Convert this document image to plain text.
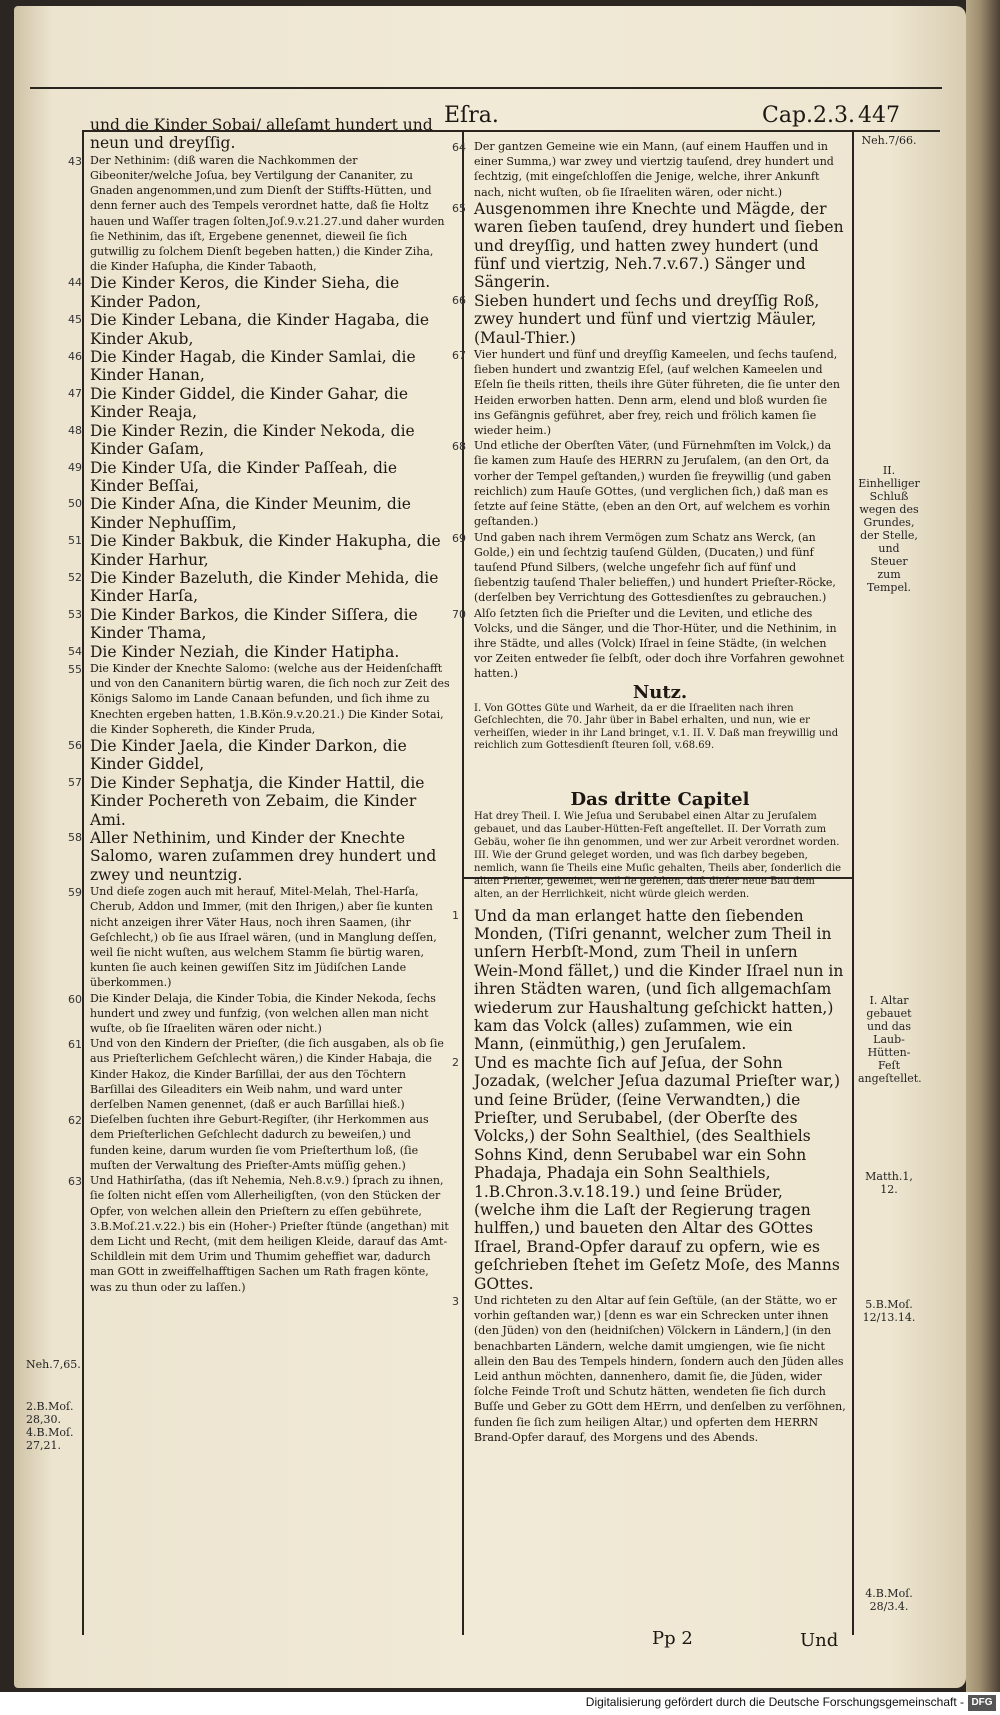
Eſra.	Cap.2.3. 447
43
44
45
46
47
48
49
50
51
52
53
54
55
56
57
58
59
60
61
62
63
Neh.7,65.
2.B.Moſ. 28,30. 4.B.Moſ. 27,21.

und die Kinder Sobai/ alleſamt hundert und neun und dreyſſig.

Der Nethinim: (diß waren die Nachkommen der Gibeoniter/welche Joſua, bey Vertilgung der Cananiter, zu Gnaden angenommen,und zum Dienſt der Stiffts-Hütten, und denn ferner auch des Tempels verordnet hatte, daß ſie Holtz hauen und Waſſer tragen ſolten,Joſ.9.v.21.27.und daher wurden ſie Nethinim, das iſt, Ergebene genennet, dieweil ſie ſich gutwillig zu ſolchem Dienſt begeben hatten,) die Kinder Ziha, die Kinder Haſupha, die Kinder Tabaoth,

Die Kinder Keros, die Kinder Sieha, die Kinder Padon,

Die Kinder Lebana, die Kinder Hagaba, die Kinder Akub,

Die Kinder Hagab, die Kinder Samlai, die Kinder Hanan,

Die Kinder Giddel, die Kinder Gahar, die Kinder Reaja,

Die Kinder Rezin, die Kinder Nekoda, die Kinder Gaſam,

Die Kinder Uſa, die Kinder Paſſeah, die Kinder Beſſai,

Die Kinder Aſna, die Kinder Meunim, die Kinder Nephuſſim,

Die Kinder Bakbuk, die Kinder Hakupha, die Kinder Harhur,

Die Kinder Bazeluth, die Kinder Mehida, die Kinder Harſa,

Die Kinder Barkos, die Kinder Siſſera, die Kinder Thama,

Die Kinder Neziah, die Kinder Hatipha.

Die Kinder der Knechte Salomo: (welche aus der Heidenſchafft und von den Cananitern bürtig waren, die ſich noch zur Zeit des Königs Salomo im Lande Canaan befunden, und ſich ihme zu Knechten ergeben hatten, 1.B.Kön.9.v.20.21.) Die Kinder Sotai, die Kinder Sophereth, die Kinder Pruda,

Die Kinder Jaela, die Kinder Darkon, die Kinder Giddel,

Die Kinder Sephatja, die Kinder Hattil, die Kinder Pochereth von Zebaim, die Kinder Ami.

Aller Nethinim, und Kinder der Knechte Salomo, waren zuſammen drey hundert und zwey und neuntzig.

Und dieſe zogen auch mit herauf, Mitel-Melah, Thel-Harſa, Cherub, Addon und Immer, (mit den Ihrigen,) aber ſie kunten nicht anzeigen ihrer Väter Haus, noch ihren Saamen, (ihr Geſchlecht,) ob ſie aus Iſrael wären, (und in Manglung deſſen, weil ſie nicht wuſten, aus welchem Stamm ſie bürtig waren, kunten ſie auch keinen gewiſſen Sitz im Jüdiſchen Lande überkommen.)

Die Kinder Delaja, die Kinder Tobia, die Kinder Nekoda, ſechs hundert und zwey und funfzig, (von welchen allen man nicht wuſte, ob ſie Iſraeliten wären oder nicht.)

Und von den Kindern der Prieſter, (die ſich ausgaben, als ob ſie aus Prieſterlichem Geſchlecht wären,) die Kinder Habaja, die Kinder Hakoz, die Kinder Barſillai, der aus den Töchtern Barſillai des Gileaditers ein Weib nahm, und ward unter derſelben Namen genennet, (daß er auch Barſillai hieß.)

Dieſelben ſuchten ihre Geburt-Regiſter, (ihr Herkommen aus dem Prieſterlichen Geſchlecht dadurch zu beweiſen,) und funden keine, darum wurden ſie vom Prieſterthum loß, (ſie muſten der Verwaltung des Prieſter-Amts müſſig gehen.)

Und Hathirſatha, (das iſt Nehemia, Neh.8.v.9.) ſprach zu ihnen, ſie ſolten nicht eſſen vom Allerheiligſten, (von den Stücken der Opfer, von welchen allein den Prieſtern zu eſſen gebührete, 3.B.Moſ.21.v.22.) bis ein (Hoher-) Prieſter ſtünde (angethan) mit dem Licht und Recht, (mit dem heiligen Kleide, darauf das Amt-Schildlein mit dem Urim und Thumim geheffiet war, dadurch man GOtt in zweiffelhafftigen Sachen um Rath fragen könte, was zu thun oder zu laſſen.)

64
65
66
67
68
69
70
1
2
3

Der gantzen Gemeine wie ein Mann, (auf einem Hauffen und in einer Summa,) war zwey und viertzig tauſend, drey hundert und ſechtzig, (mit eingeſchloſſen die Jenige, welche, ihrer Ankunft nach, nicht wuſten, ob ſie Iſraeliten wären, oder nicht.)

Ausgenommen ihre Knechte und Mägde, der waren ſieben tauſend, drey hundert und ſieben und dreyſſig, und hatten zwey hundert (und fünf und viertzig, Neh.7.v.67.) Sänger und Sängerin.

Sieben hundert und ſechs und dreyſſig Roß, zwey hundert und fünf und viertzig Mäuler, (Maul-Thier.)

Vier hundert und fünf und dreyſſig Kameelen, und ſechs tauſend, ſieben hundert und zwantzig Eſel, (auf welchen Kameelen und Eſeln ſie theils ritten, theils ihre Güter führeten, die ſie unter den Heiden erworben hatten. Denn arm, elend und bloß wurden ſie ins Gefängnis geführet, aber frey, reich und frölich kamen ſie wieder heim.)

Und etliche der Oberſten Väter, (und Fürnehmſten im Volck,) da ſie kamen zum Hauſe des HERRN zu Jeruſalem, (an den Ort, da vorher der Tempel geſtanden,) wurden ſie freywillig (und gaben reichlich) zum Hauſe GOttes, (und verglichen ſich,) daß man es ſetzte auf ſeine Stätte, (eben an den Ort, auf welchem es vorhin geſtanden.)

Und gaben nach ihrem Vermögen zum Schatz ans Werck, (an Golde,) ein und ſechtzig tauſend Gülden, (Ducaten,) und fünf tauſend Pfund Silbers, (welche ungefehr ſich auf fünf und ſiebentzig tauſend Thaler belieffen,) und hundert Prieſter-Röcke, (derſelben bey Verrichtung des Gottesdienſtes zu gebrauchen.)

Alſo ſetzten ſich die Prieſter und die Leviten, und etliche des Volcks, und die Sänger, und die Thor-Hüter, und die Nethinim, in ihre Städte, und alles (Volck) Iſrael in ſeine Städte, (in welchen vor Zeiten entweder ſie ſelbſt, oder doch ihre Vorfahren gewohnet hatten.)

Nutz.

I. Von GOttes Güte und Warheit, da er die Iſraeliten nach ihren Geſchlechten, die 70. Jahr über in Babel erhalten, und nun, wie er verheiſſen, wieder in ihr Land bringet, v.1. II. V. Daß man freywillig und reichlich zum Gottesdienſt ſteuren ſoll, v.68.69.

Das dritte Capitel

Hat drey Theil. I. Wie Jeſua und Serubabel einen Altar zu Jeruſalem gebauet, und das Lauber-Hütten-Feſt angeſtellet. II. Der Vorrath zum Gebäu, woher ſie ihn genommen, und wer zur Arbeit verordnet worden. III. Wie der Grund geleget worden, und was ſich darbey begeben, nemlich, wann ſie Theils eine Muſic gehalten, Theils aber, ſonderlich die alten Prieſter, geweinet, weil ſie geſehen, daß dieſer neue Bau dem alten, an der Herrlichkeit, nicht würde gleich werden.

Und da man erlanget hatte den ſiebenden Monden, (Tiſri genannt, welcher zum Theil in unſern Herbſt-Mond, zum Theil in unſern Wein-Mond fället,) und die Kinder Iſrael nun in ihren Städten waren, (und ſich allgemachſam wiederum zur Haushaltung geſchickt hatten,) kam das Volck (alles) zuſammen, wie ein Mann, (einmüthig,) gen Jeruſalem.

Und es machte ſich auf Jeſua, der Sohn Jozadak, (welcher Jeſua dazumal Prieſter war,) und ſeine Brüder, (ſeine Verwandten,) die Prieſter, und Serubabel, (der Oberſte des Volcks,) der Sohn Sealthiel, (des Sealthiels Sohns Kind, denn Serubabel war ein Sohn Phadaja, Phadaja ein Sohn Sealthiels, 1.B.Chron.3.v.18.19.) und ſeine Brüder, (welche ihm die Laſt der Regierung tragen hulffen,) und baueten den Altar des GOttes Iſrael, Brand-Opfer darauf zu opfern, wie es geſchrieben ſtehet im Geſetz Moſe, des Manns GOttes.

Und richteten zu den Altar auf ſein Geſtüle, (an der Stätte, wo er vorhin geſtanden war,) [denn es war ein Schrecken unter ihnen (den Jüden) von den (heidniſchen) Völckern in Ländern,] (in den benachbarten Ländern, welche damit umgiengen, wie ſie nicht allein den Bau des Tempels hindern, ſondern auch den Jüden alles Leid anthun möchten, dannenhero, damit ſie, die Jüden, wider ſolche Feinde Troſt und Schutz hätten, wendeten ſie ſich durch Buſſe und Geber zu GOtt dem HErrn, und denſelben zu verſöhnen, funden ſie ſich zum heiligen Altar,) und opferten dem HERRN Brand-Opfer darauf, des Morgens und des Abends.

Neh.7/66.
II. Einhelliger Schluß wegen des Grundes, der Stelle, und Steuer zum Tempel.
I. Altar gebauet und das Laub-Hütten-Feſt angeſtellet.
Matth.1, 12.
5.B.Moſ. 12/13.14.
4.B.Moſ. 28/3.4.
Pp 2	Und
Digitalisierung gefördert durch die Deutsche Forschungsgemeinschaft - DFG
